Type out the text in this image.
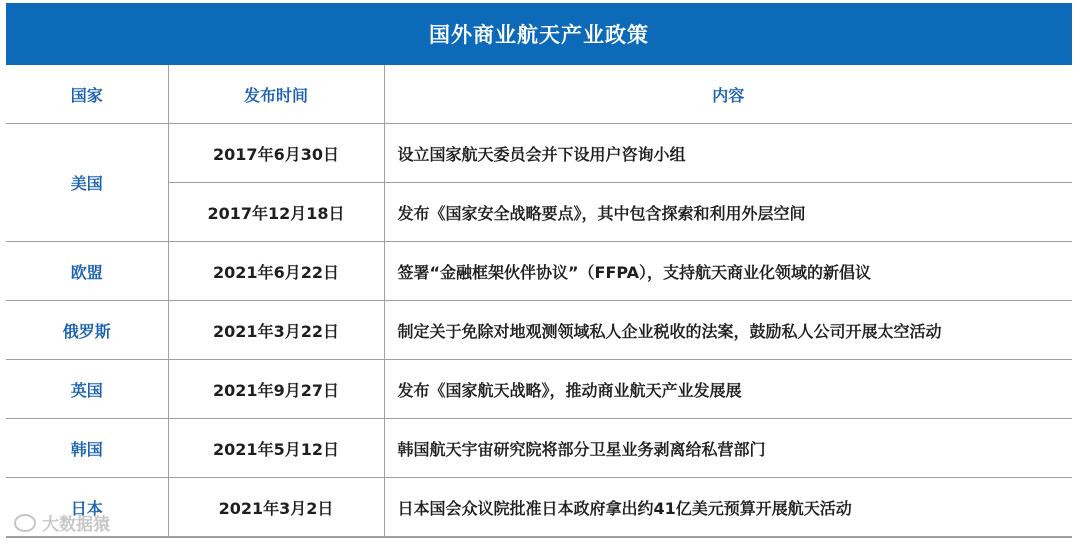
国外商业航天产业政策
国家	发布时间	内容
美国	2017年6月30日	设立国家航天委员会并下设用户咨询小组
	2017年12月18日	发布《国家安全战略要点》，其中包含探索和利用外层空间
欧盟	2021年6月22日	签署“金融框架伙伴协议”（FFPA），支持航天商业化领域的新倡议
俄罗斯	2021年3月22日	制定关于免除对地观测领域私人企业税收的法案，鼓励私人公司开展太空活动
英国	2021年9月27日	发布《国家航天战略》，推动商业航天产业发展展
韩国	2021年5月12日	韩国航天宇宙研究院将部分卫星业务剥离给私营部门
日本	2021年3月2日	日本国会众议院批准日本政府拿出约41亿美元预算开展航天活动
大数据猿
